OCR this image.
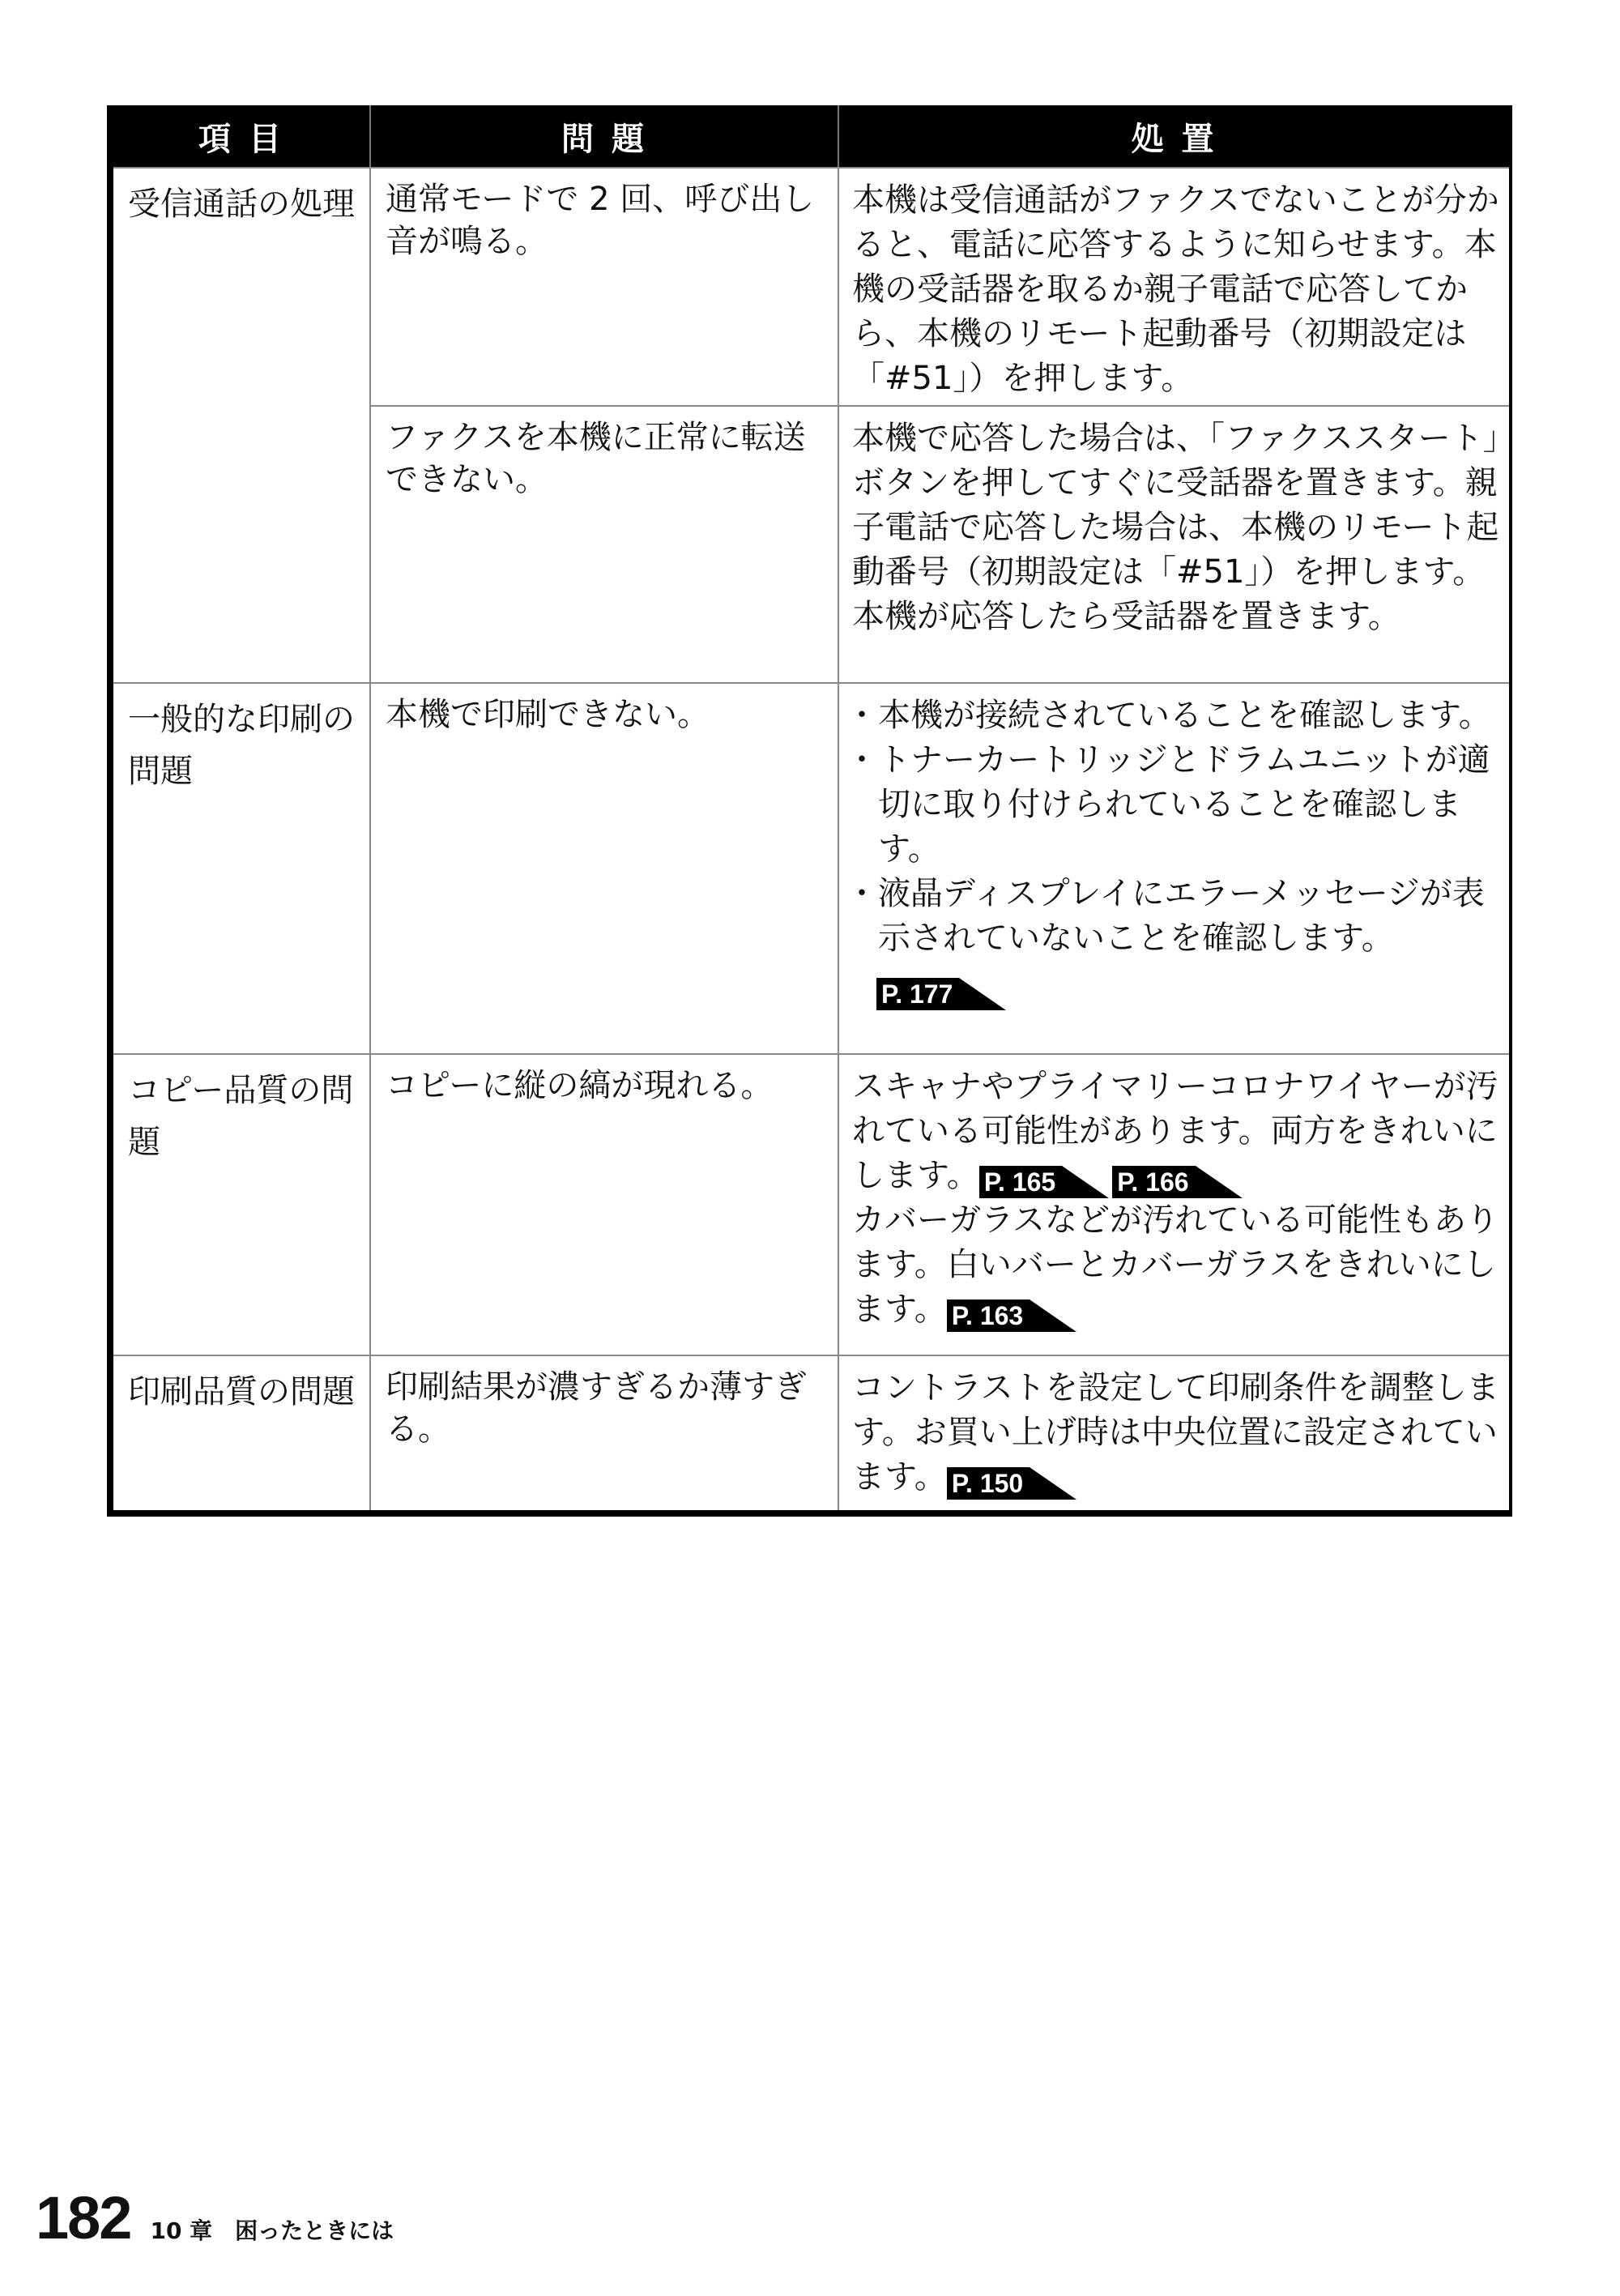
項 目	問 題	処 置
受信通話の処理 通常モードで 2 回、呼び出し音が鳴る。
本機は受信通話がファクスでないことが分かると、電話に応答するように知らせます。本機の受話器を取るか親子電話で応答してから、本機のリモート起動番号（初期設定は「#51」）を押します。
ファクスを本機に正常に転送できない。
本機で応答した場合は、「ファクススタート」ボタンを押してすぐに受話器を置きます。親子電話で応答した場合は、本機のリモート起動番号（初期設定は「#51」）を押します。本機が応答したら受話器を置きます。
一般的な印刷の問題
本機で印刷できない。
・	本機が接続されていることを確認します。
・ トナーカートリッジとドラムユニットが適切に取り付けられていることを確認します。
・ 液晶ディスプレイにエラーメッセージが表示されていないことを確認します。
P. 177
コピー品質の問題
コピーに縦の縞が現れる。	スキャナやプライマリーコロナワイヤーが汚れている可能性があります。両方をきれいにします。 P. 165 P. 166
カバーガラスなどが汚れている可能性もあります。白いバーとカバーガラスをきれいにします。 P. 163
印刷品質の問題 印刷結果が濃すぎるか薄すぎる。
コントラストを設定して印刷条件を調整します。お買い上げ時は中央位置に設定されています。 P. 150
182 10 章　困ったときには
